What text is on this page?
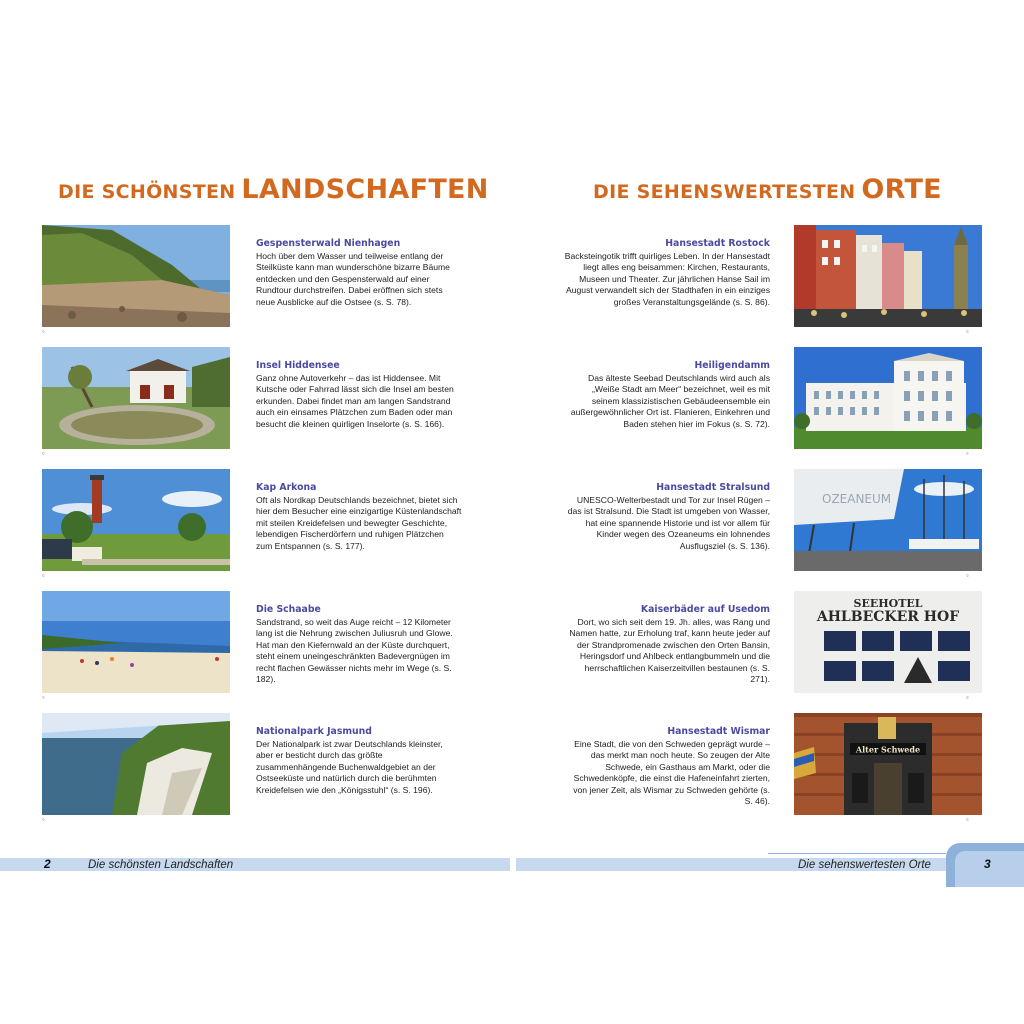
DIE SCHÖNSTEN LANDSCHAFTEN	DIE SEHENSWERTESTEN ORTE
©
©
©
©
©
©
©
OZEANEUM
©
SEEHOTEL
AHLBECKER HOF
©
Alter Schwede
©
Gespensterwald Nienhagen

Hoch über dem Wasser und teilweise entlang der Steilküste kann man wunderschöne bizarre Bäume entdecken und den Gespensterwald auf einer Rundtour durchstreifen. Dabei eröffnen sich stets neue Ausblicke auf die Ostsee (s. S. 78).

Insel Hiddensee

Ganz ohne Autoverkehr – das ist Hiddensee. Mit Kutsche oder Fahrrad lässt sich die Insel am besten erkunden. Dabei findet man am langen Sandstrand auch ein einsames Plätzchen zum Baden oder man besucht die kleinen quirligen Inselorte (s. S. 166).

Kap Arkona

Oft als Nordkap Deutschlands bezeichnet, bietet sich hier dem Besucher eine einzigartige Küstenlandschaft mit steilen Kreidefelsen und bewegter Geschichte, lebendigen Fischerdörfern und ruhigen Plätzchen zum Entspannen (s. S. 177).

Die Schaabe

Sandstrand, so weit das Auge reicht – 12 Kilometer lang ist die Nehrung zwischen Juliusruh und Glowe. Hat man den Kiefernwald an der Küste durchquert, steht einem uneingeschränkten Badevergnügen im recht flachen Gewässer nichts mehr im Wege (s. S. 182).

Nationalpark Jasmund

Der Nationalpark ist zwar Deutschlands kleinster, aber er besticht durch das größte zusammenhängende Buchenwaldgebiet an der Ostseeküste und natürlich durch die berühmten Kreidefelsen wie den „Königsstuhl“ (s. S. 196).

Hansestadt Rostock

Backsteingotik trifft quirliges Leben. In der Hansestadt liegt alles eng beisammen: Kirchen, Restaurants, Museen und Theater. Zur jährlichen Hanse Sail im August verwandelt sich der Stadthafen in ein einziges großes Veranstaltungsgelände (s. S. 86).

Heiligendamm

Das älteste Seebad Deutschlands wird auch als „Weiße Stadt am Meer“ bezeichnet, weil es mit seinem klassizistischen Gebäudeensemble ein außergewöhnlicher Ort ist. Flanieren, Einkehren und Baden stehen hier im Fokus (s. S. 72).

Hansestadt Stralsund

UNESCO-Welterbestadt und Tor zur Insel Rügen – das ist Stralsund. Die Stadt ist umgeben von Wasser, hat eine spannende Historie und ist vor allem für Kinder wegen des Ozeaneums ein lohnendes Ausflugsziel (s. S. 136).

Kaiserbäder auf Usedom

Dort, wo sich seit dem 19. Jh. alles, was Rang und Namen hatte, zur Erholung traf, kann heute jeder auf der Strandpromenade zwischen den Orten Bansin, Heringsdorf und Ahlbeck entlangbummeln und die herrschaftlichen Kaiserzeitvillen bestaunen (s. S. 271).

Hansestadt Wismar

Eine Stadt, die von den Schweden geprägt wurde – das merkt man noch heute. So zeugen der Alte Schwede, ein Gasthaus am Markt, oder die Schwedenköpfe, die einst die Hafeneinfahrt zierten, von jener Zeit, als Wismar zu Schweden gehörte (s. S. 46).

2	Die schönsten Landschaften	Die sehenswertesten Orte	3
